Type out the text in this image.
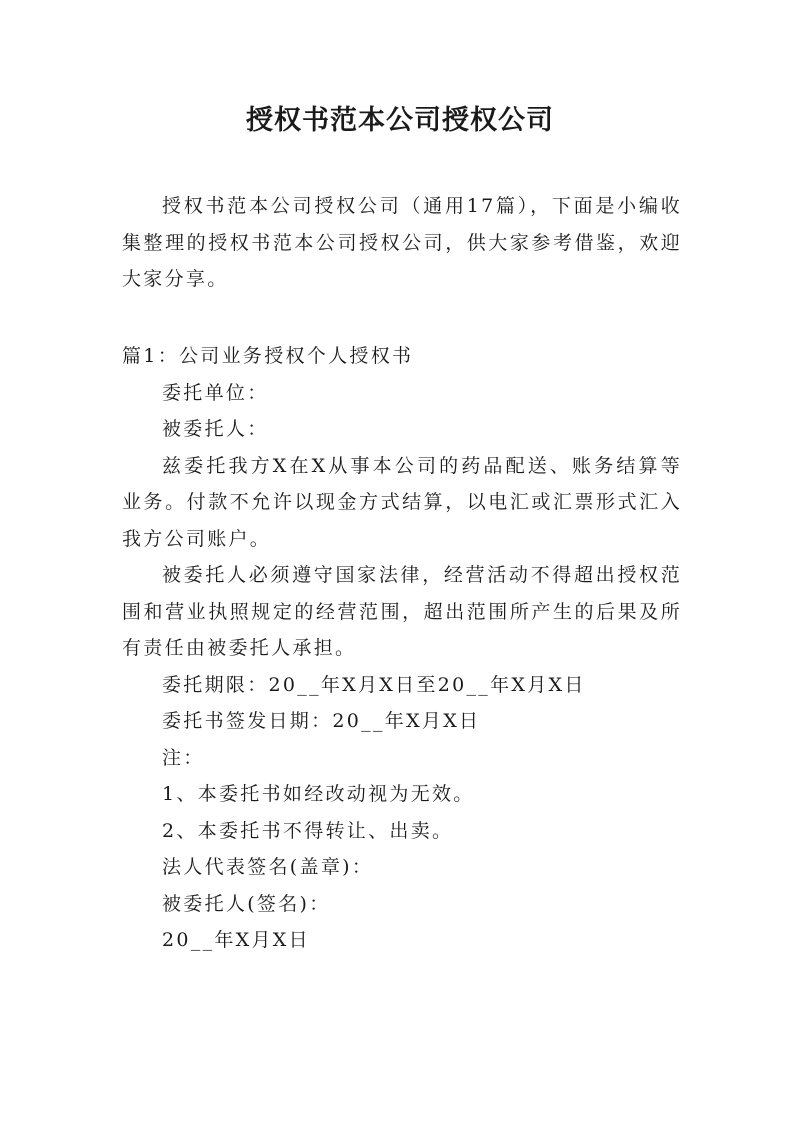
授权书范本公司授权公司

授权书范本公司授权公司（通用17篇），下面是小编收集整理的授权书范本公司授权公司，供大家参考借鉴，欢迎大家分享。

篇1：公司业务授权个人授权书

委托单位：

被委托人：

兹委托我方X在X从事本公司的药品配送、账务结算等业务。付款不允许以现金方式结算，以电汇或汇票形式汇入我方公司账户。

被委托人必须遵守国家法律，经营活动不得超出授权范围和营业执照规定的经营范围，超出范围所产生的后果及所有责任由被委托人承担。

委托期限：20__年X月X日至20__年X月X日

委托书签发日期：20__年X月X日

注：

1、本委托书如经改动视为无效。

2、本委托书不得转让、出卖。

法人代表签名(盖章)：

被委托人(签名)：

20__年X月X日
